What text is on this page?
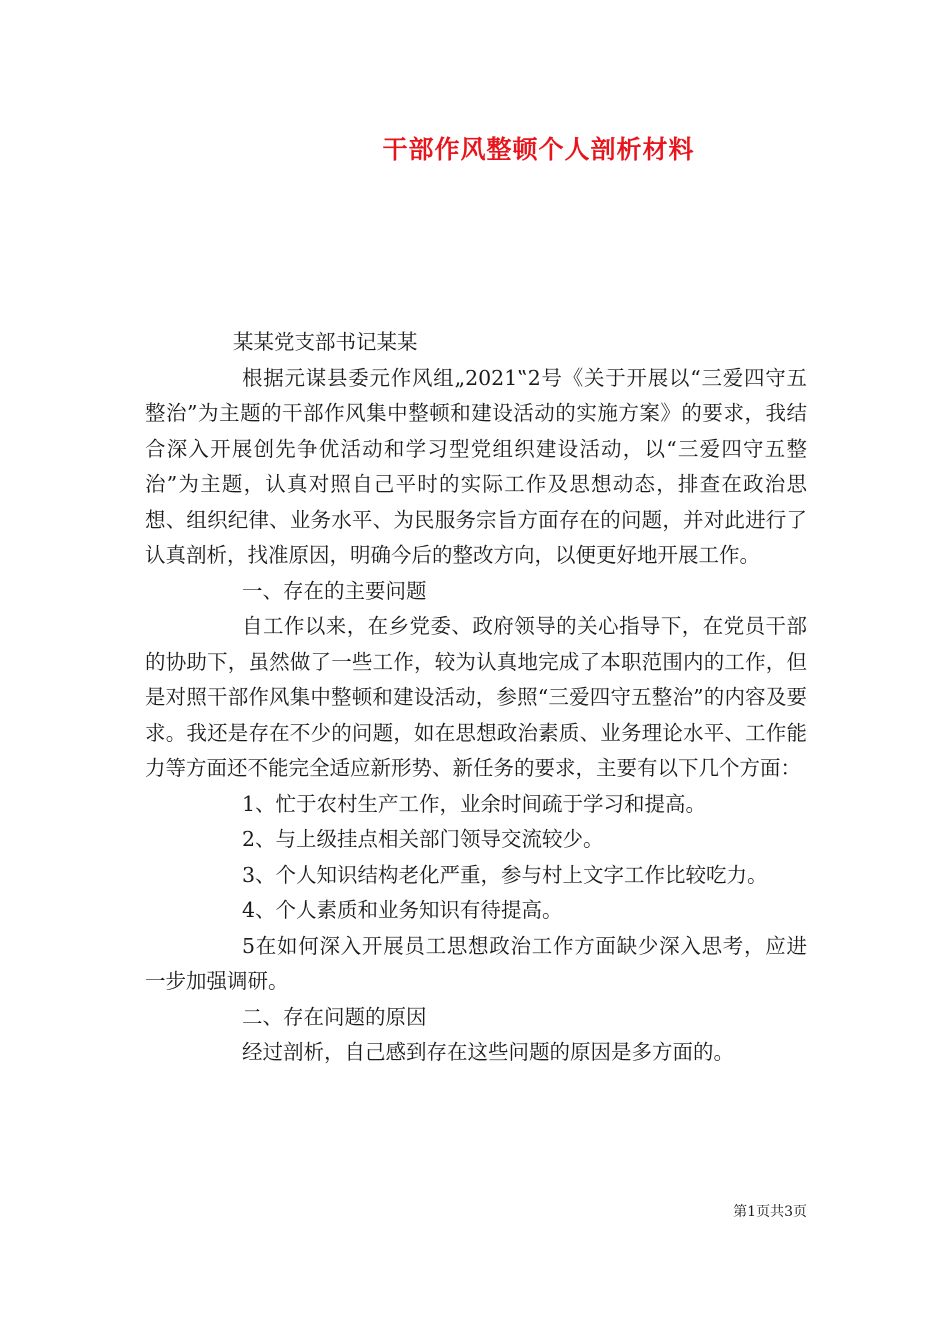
干部作风整顿个人剖析材料

某某党支部书记某某

根据元谋县委元作风组„2021‟2号《关于开展以“三爱四守五整治”为主题的干部作风集中整顿和建设活动的实施方案》的要求，我结合深入开展创先争优活动和学习型党组织建设活动，以“三爱四守五整治”为主题，认真对照自己平时的实际工作及思想动态，排查在政治思想、组织纪律、业务水平、为民服务宗旨方面存在的问题，并对此进行了认真剖析，找准原因，明确今后的整改方向，以便更好地开展工作。

一、存在的主要问题

自工作以来，在乡党委、政府领导的关心指导下，在党员干部的协助下，虽然做了一些工作，较为认真地完成了本职范围内的工作，但是对照干部作风集中整顿和建设活动，参照“三爱四守五整治”的内容及要求。我还是存在不少的问题，如在思想政治素质、业务理论水平、工作能力等方面还不能完全适应新形势、新任务的要求，主要有以下几个方面：

1、忙于农村生产工作，业余时间疏于学习和提高。

2、与上级挂点相关部门领导交流较少。

3、个人知识结构老化严重，参与村上文字工作比较吃力。

4、个人素质和业务知识有待提高。

5在如何深入开展员工思想政治工作方面缺少深入思考，应进一步加强调研。

二、存在问题的原因

经过剖析，自己感到存在这些问题的原因是多方面的。

第1页共3页
